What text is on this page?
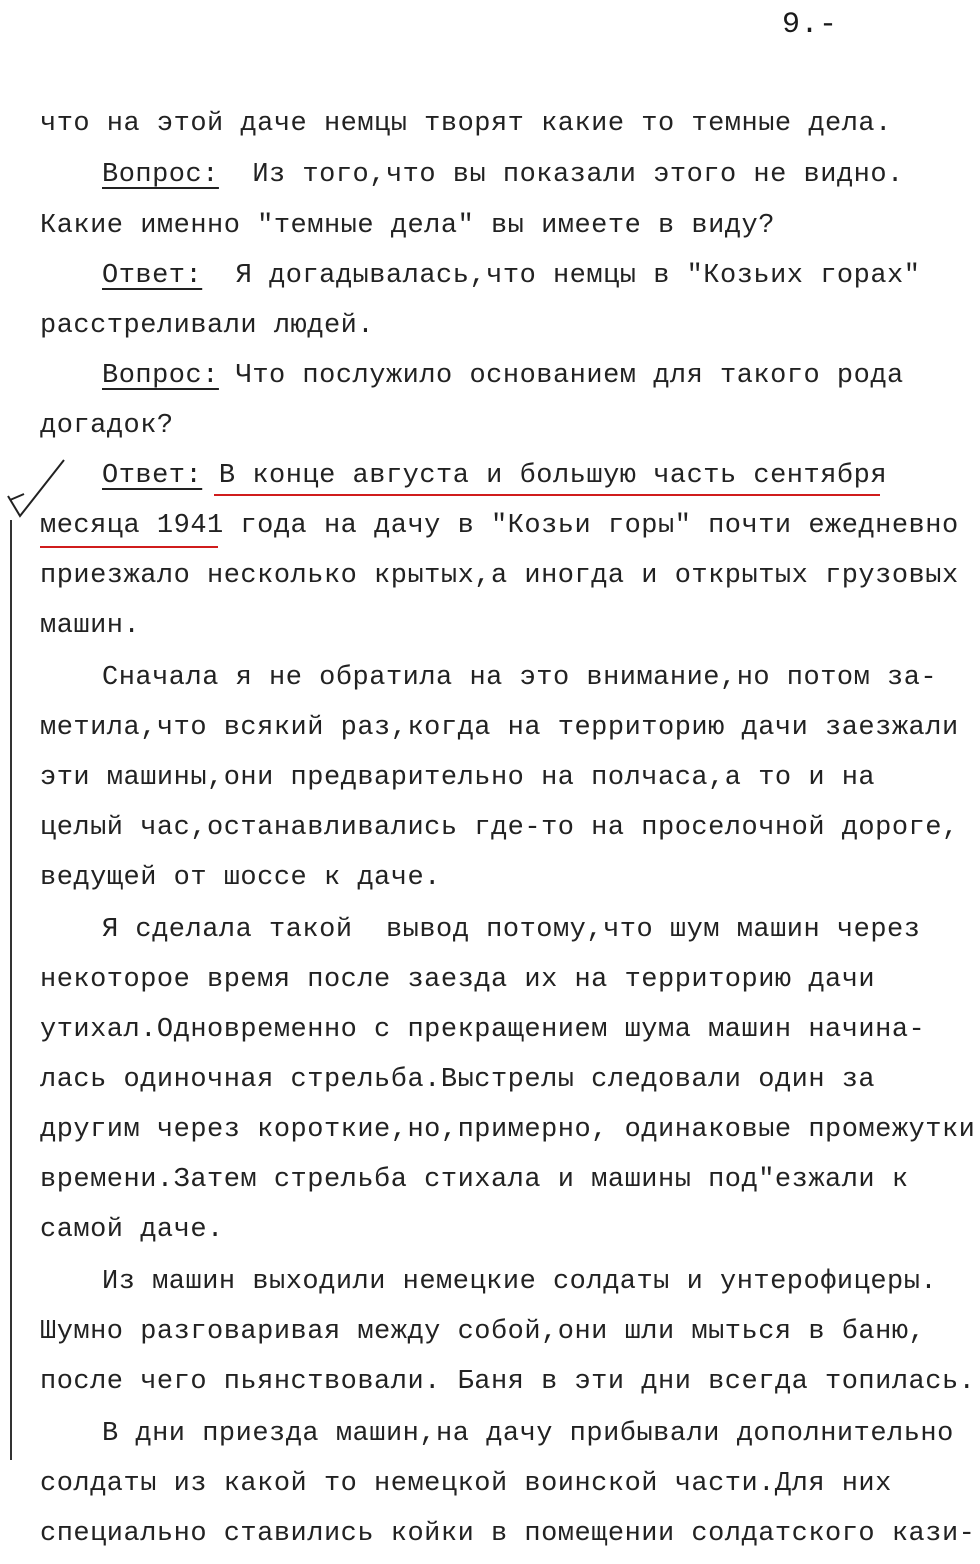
9.-
что на этой даче немцы творят какие то темные дела.
Вопрос:  Из того,что вы показали этого не видно.
Какие именно "темные дела" вы имеете в виду?
Ответ:  Я догадывалась,что немцы в "Козьих горах"
расстреливали людей.
Вопрос: Что послужило основанием для такого рода
догадок?
Ответ: В конце августа и большую часть сентября
месяца 1941 года на дачу в "Козьи горы" почти ежедневно
приезжало несколько крытых,а иногда и открытых грузовых
машин.
Сначала я не обратила на это внимание,но потом за-
метила,что всякий раз,когда на территорию дачи заезжали
эти машины,они предварительно на полчаса,а то и на
целый час,останавливались где-то на проселочной дороге,
ведущей от шоссе к даче.
Я сделала такой  вывод потому,что шум машин через
некоторое время после заезда их на территорию дачи
утихал.Одновременно с прекращением шума машин начина-
лась одиночная стрельба.Выстрелы следовали один за
другим через короткие,но,примерно, одинаковые промежутки
времени.Затем стрельба стихала и машины под"езжали к
самой даче.
Из машин выходили немецкие солдаты и унтерофицеры.
Шумно разговаривая между собой,они шли мыться в баню,
после чего пьянствовали. Баня в эти дни всегда топилась.
В дни приезда машин,на дачу прибывали дополнительно
солдаты из какой то немецкой воинской части.Для них
специально ставились койки в помещении солдатского кази-
